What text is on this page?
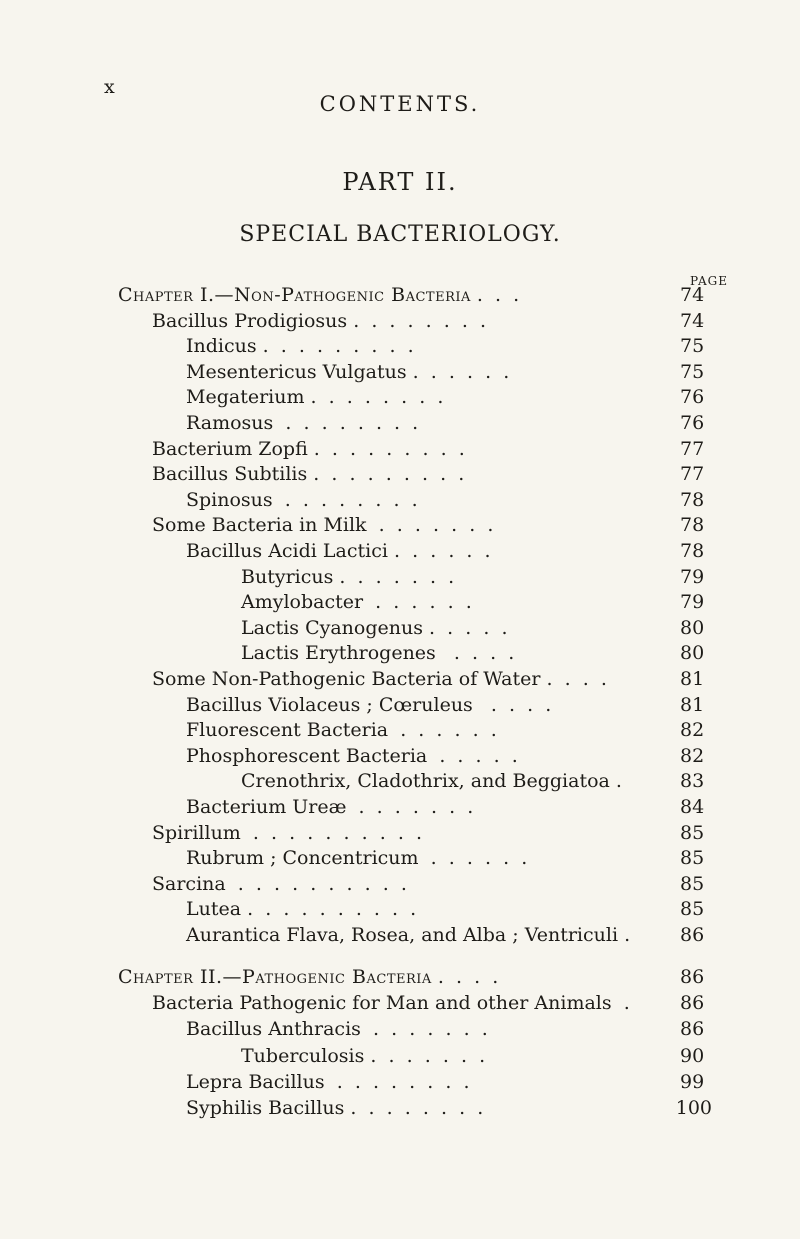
x
CONTENTS.
PART II.
SPECIAL BACTERIOLOGY.
PAGE
Chapter I.—Non-Pathogenic Bacteria .  .  .	74
Bacillus Prodigiosus .  .  .  .  .  .  .  .	74
Indicus .  .  .  .  .  .  .  .  .	75
Mesentericus Vulgatus .  .  .  .  .  .	75
Megaterium .  .  .  .  .  .  .  .	76
Ramosus .  .  .  .  .  .  .  .	76
Bacterium Zopfi .  .  .  .  .  .  .  .  .	77
Bacillus Subtilis .  .  .  .  .  .  .  .  .	77
Spinosus .  .  .  .  .  .  .  .	78
Some Bacteria in Milk .  .  .  .  .  .  .	78
Bacillus Acidi Lactici .  .  .  .  .  .	78
Butyricus .  .  .  .  .  .  .	79
Amylobacter .  .  .  .  .  .	79
Lactis Cyanogenus .  .  .  .  .	80
Lactis Erythrogenes .  .  .  .	80
Some Non-Pathogenic Bacteria of Water .  .  .  .	81
Bacillus Violaceus ; Cœruleus .  .  .  .	81
Fluorescent Bacteria .  .  .  .  .  .	82
Phosphorescent Bacteria .  .  .  .  .	82
Crenothrix, Cladothrix, and Beggiatoa .	83
Bacterium Ureæ .  .  .  .  .  .  .	84
Spirillum .  .  .  .  .  .  .  .  .  .	85
Rubrum ; Concentricum .  .  .  .  .  .	85
Sarcina .  .  .  .  .  .  .  .  .  .	85
Lutea .  .  .  .  .  .  .  .  .  .	85
Aurantica Flava, Rosea, and Alba ; Ventriculi .	86
Chapter II.—Pathogenic Bacteria .  .  .  .	86
Bacteria Pathogenic for Man and other Animals .	86
Bacillus Anthracis .  .  .  .  .  .  .	86
Tuberculosis .  .  .  .  .  .  .	90
Lepra Bacillus .  .  .  .  .  .  .  .	99
Syphilis Bacillus .  .  .  .  .  .  .  .	100
